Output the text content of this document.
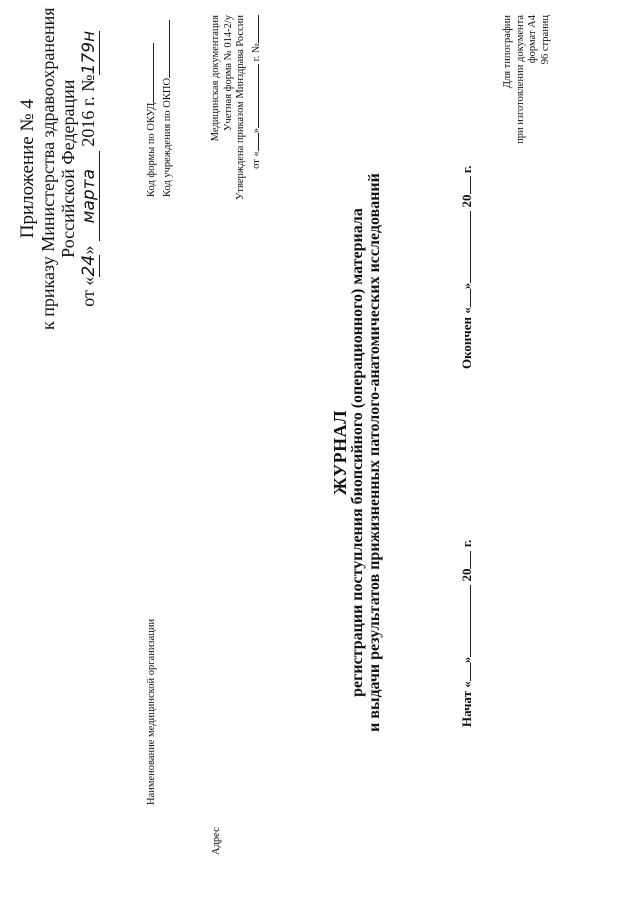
Приложение № 4 к приказу Министерства здравоохранения Российской Федерации
от «24» марта 2016 г. №179н
Код формы по ОКУД Код учреждения по ОКПО	Медицинская документация Учетная форма № 014-2/у Утверждена приказом Минздрава России от «» г. №
Наименование медицинской организации
Адрес
ЖУРНАЛ регистрации поступления биопсийного (операционного) материала и выдачи результатов прижизненных патолого-анатомических исследований	Начат «» 20 г.
Окончен «» 20 г.
Для типографии при изготовлении документа формат А4 96 страниц
